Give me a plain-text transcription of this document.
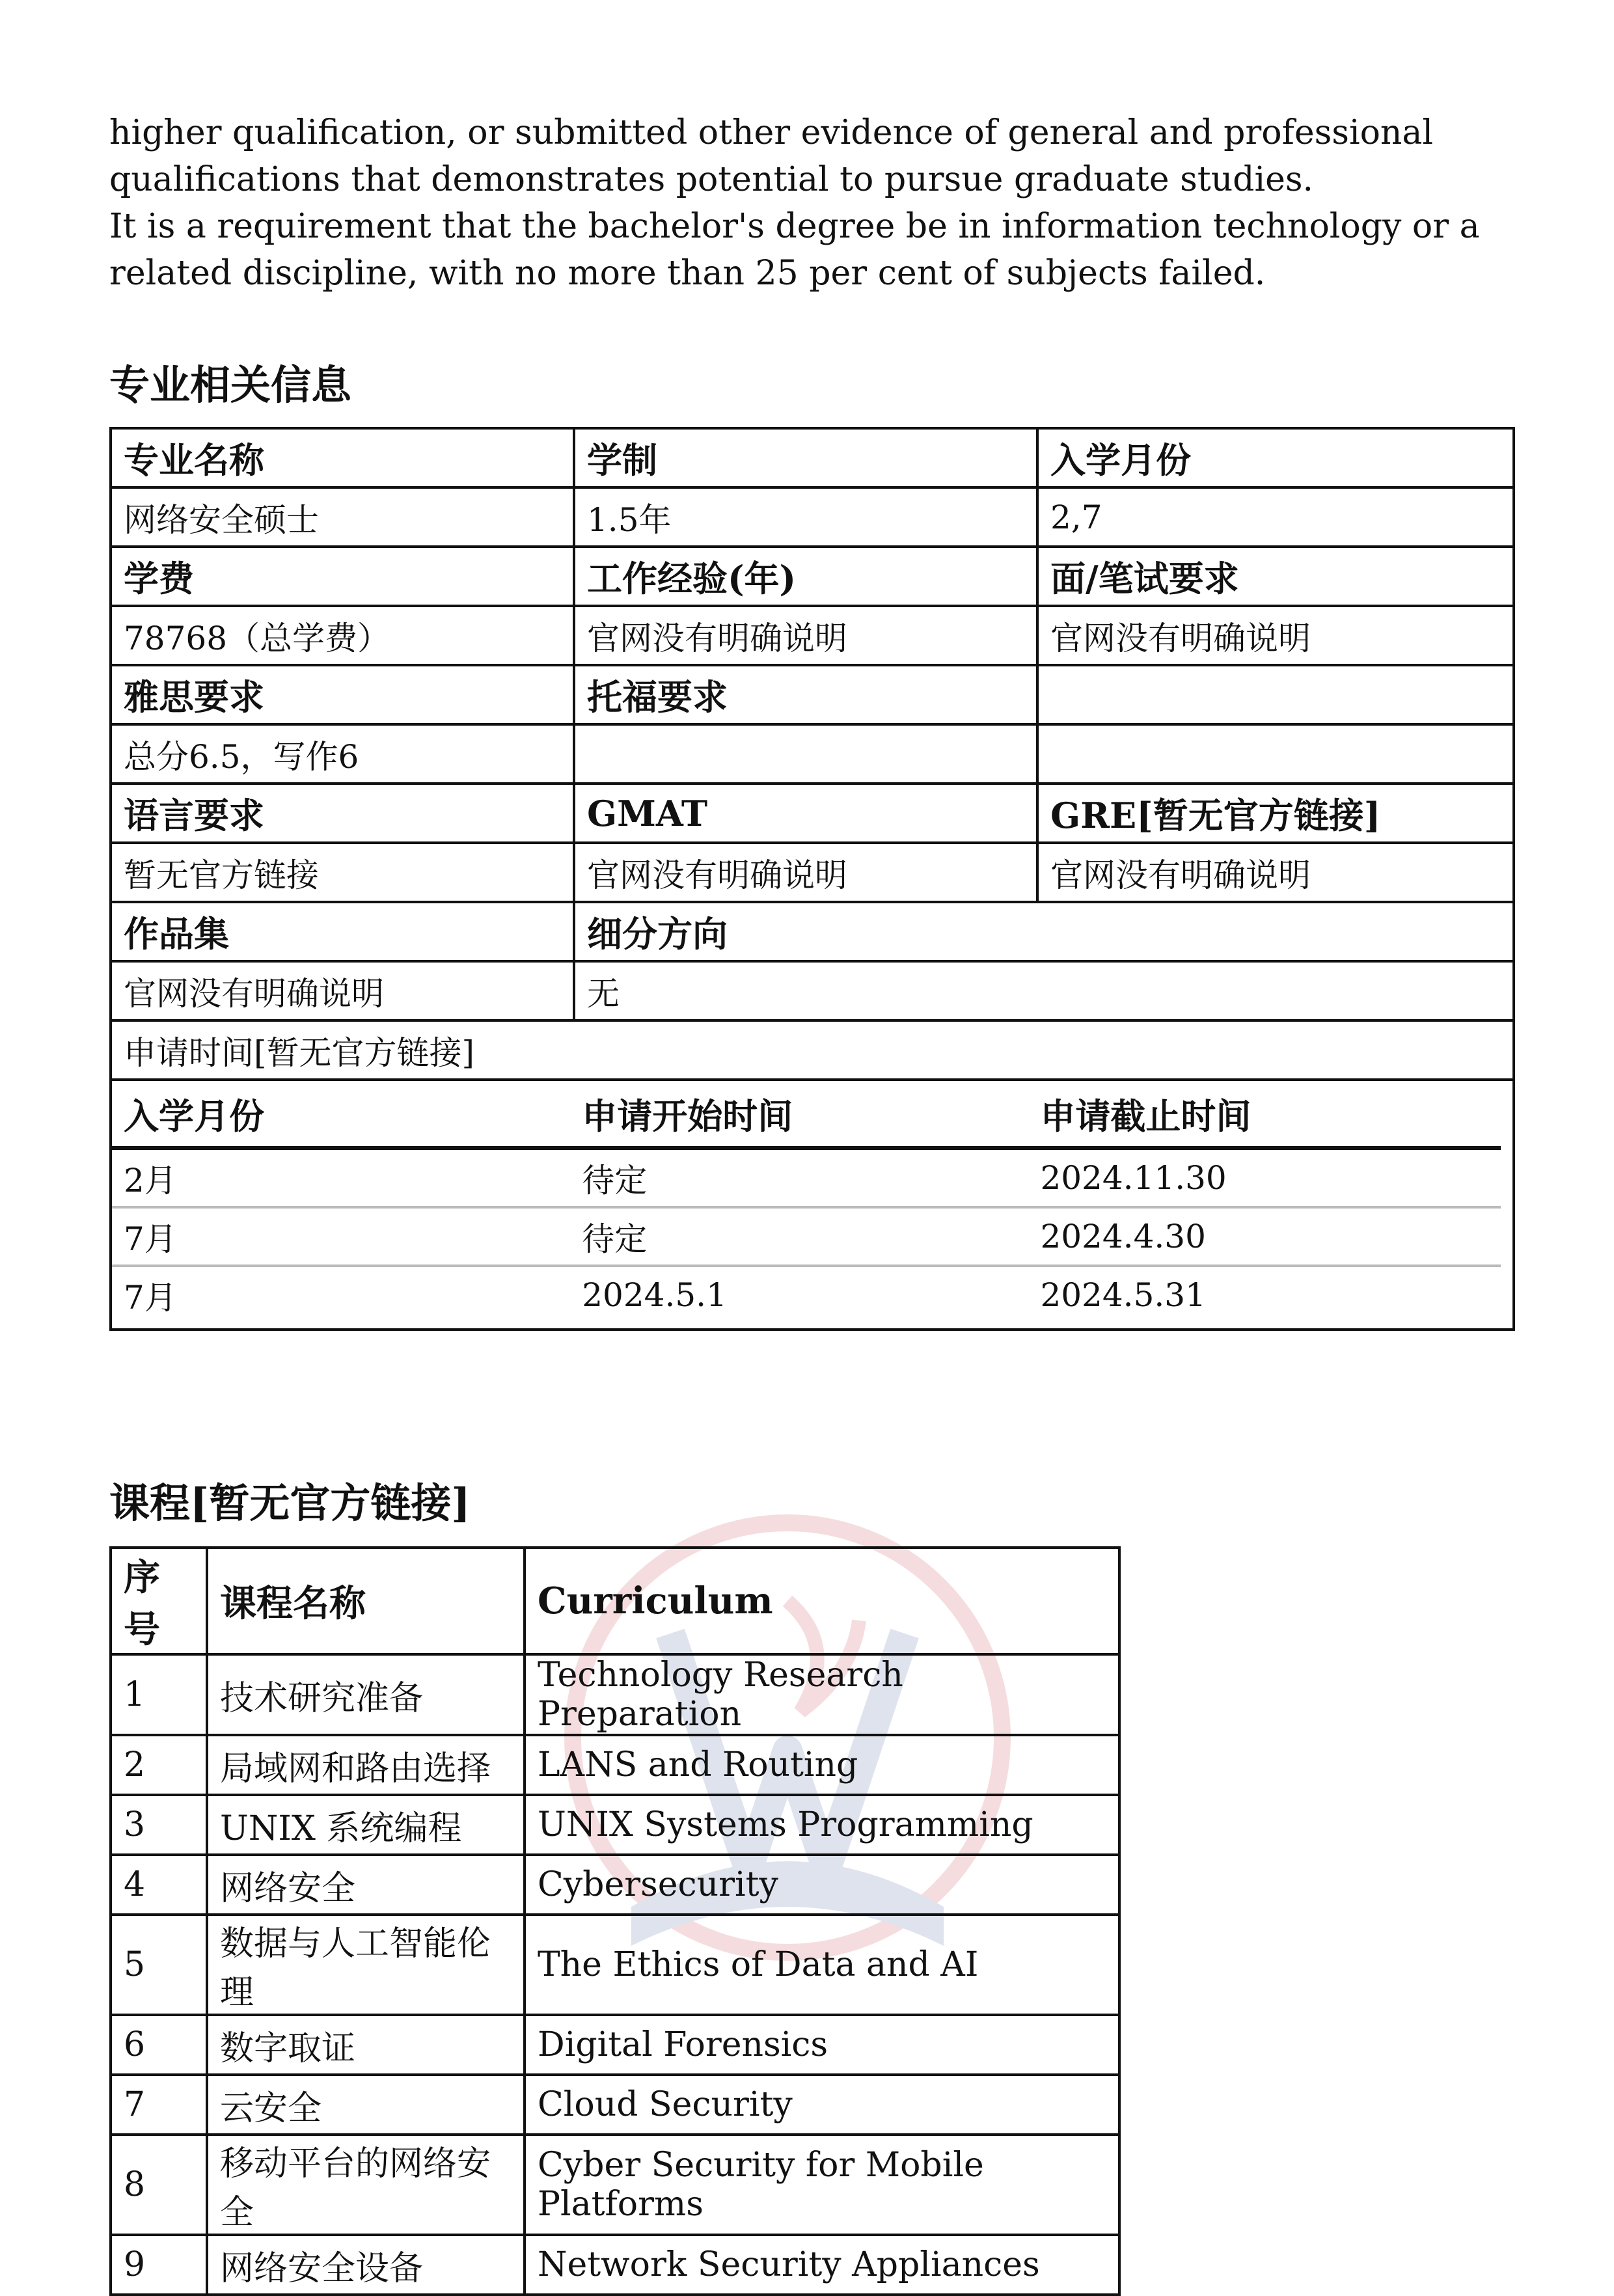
higher qualification, or submitted other evidence of general and professional qualifications that demonstrates potential to pursue graduate studies.

It is a requirement that the bachelor's degree be in information technology or a related discipline, with no more than 25 per cent of subjects failed.

专业相关信息
专业名称	学制	入学月份
网络安全硕士	1.5年	2,7
学费	工作经验(年)	面/笔试要求
78768（总学费）	官网没有明确说明	官网没有明确说明
雅思要求	托福要求	
总分6.5，写作6		
语言要求	GMAT	GRE[暂无官方链接]
暂无官方链接	官网没有明确说明	官网没有明确说明
作品集	细分方向
官网没有明确说明	无
申请时间[暂无官方链接]

入学月份	申请开始时间	申请截止时间
2月	待定	2024.11.30
7月	待定	2024.4.30
7月	2024.5.1	2024.5.31
课程[暂无官方链接]
序号	课程名称	Curriculum
1	技术研究准备	Technology Research Preparation
2	局域网和路由选择	LANS and Routing
3	UNIX 系统编程	UNIX Systems Programming
4	网络安全	Cybersecurity
5	数据与人工智能伦理	The Ethics of Data and AI
6	数字取证	Digital Forensics
7	云安全	Cloud Security
8	移动平台的网络安全	Cyber Security for Mobile Platforms
9	网络安全设备	Network Security Appliances
